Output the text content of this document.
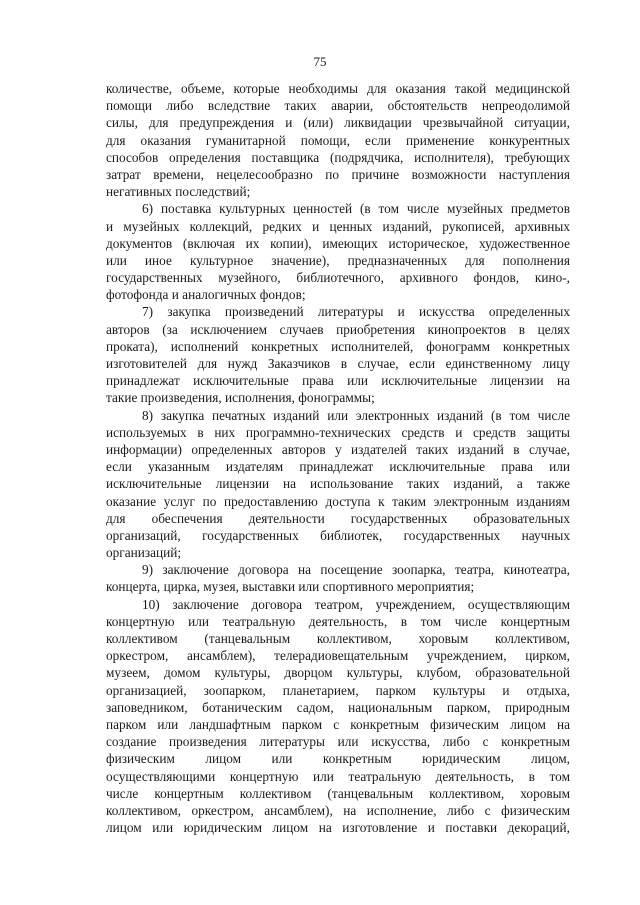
75
количестве, объеме, которые необходимы для оказания такой медицинской
помощи либо вследствие таких аварии, обстоятельств непреодолимой
силы, для предупреждения и (или) ликвидации чрезвычайной ситуации,
для оказания гуманитарной помощи, если применение конкурентных
способов определения поставщика (подрядчика, исполнителя), требующих
затрат времени, нецелесообразно по причине возможности наступления
негативных последствий;
6) поставка культурных ценностей (в том числе музейных предметов
и музейных коллекций, редких и ценных изданий, рукописей, архивных
документов (включая их копии), имеющих историческое, художественное
или иное культурное значение), предназначенных для пополнения
государственных музейного, библиотечного, архивного фондов, кино-,
фотофонда и аналогичных фондов;
7) закупка произведений литературы и искусства определенных
авторов (за исключением случаев приобретения кинопроектов в целях
проката), исполнений конкретных исполнителей, фонограмм конкретных
изготовителей для нужд Заказчиков в случае, если единственному лицу
принадлежат исключительные права или исключительные лицензии на
такие произведения, исполнения, фонограммы;
8) закупка печатных изданий или электронных изданий (в том числе
используемых в них программно-технических средств и средств защиты
информации) определенных авторов у издателей таких изданий в случае,
если указанным издателям принадлежат исключительные права или
исключительные лицензии на использование таких изданий, а также
оказание услуг по предоставлению доступа к таким электронным изданиям
для обеспечения деятельности государственных образовательных
организаций, государственных библиотек, государственных научных
организаций;
9) заключение договора на посещение зоопарка, театра, кинотеатра,
концерта, цирка, музея, выставки или спортивного мероприятия;
10) заключение договора театром, учреждением, осуществляющим
концертную или театральную деятельность, в том числе концертным
коллективом (танцевальным коллективом, хоровым коллективом,
оркестром, ансамблем), телерадиовещательным учреждением, цирком,
музеем, домом культуры, дворцом культуры, клубом, образовательной
организацией, зоопарком, планетарием, парком культуры и отдыха,
заповедником, ботаническим садом, национальным парком, природным
парком или ландшафтным парком с конкретным физическим лицом на
создание произведения литературы или искусства, либо с конкретным
физическим лицом или конкретным юридическим лицом,
осуществляющими концертную или театральную деятельность, в том
числе концертным коллективом (танцевальным коллективом, хоровым
коллективом, оркестром, ансамблем), на исполнение, либо с физическим
лицом или юридическим лицом на изготовление и поставки декораций,
